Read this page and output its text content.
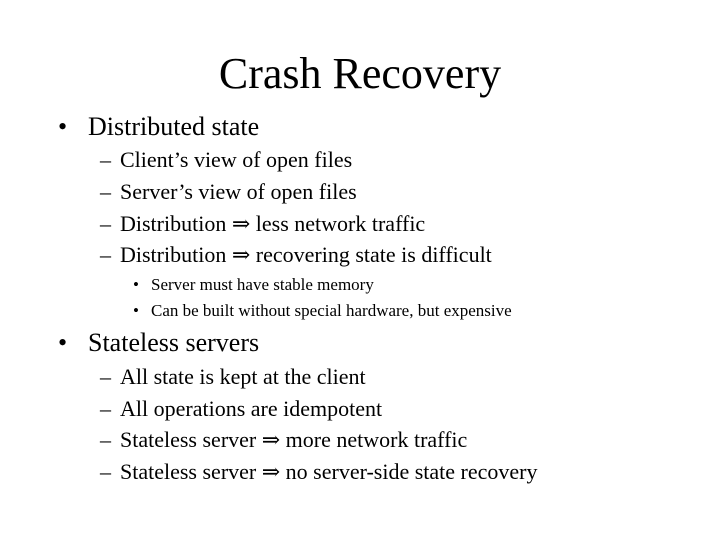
Crash Recovery
• Distributed state
– Client’s view of open files
– Server’s view of open files
– Distribution ⇒ less network traffic
– Distribution ⇒ recovering state is difficult
• Server must have stable memory
• Can be built without special hardware, but expensive
• Stateless servers
– All state is kept at the client
– All operations are idempotent
– Stateless server ⇒ more network traffic
– Stateless server ⇒ no server-side state recovery
